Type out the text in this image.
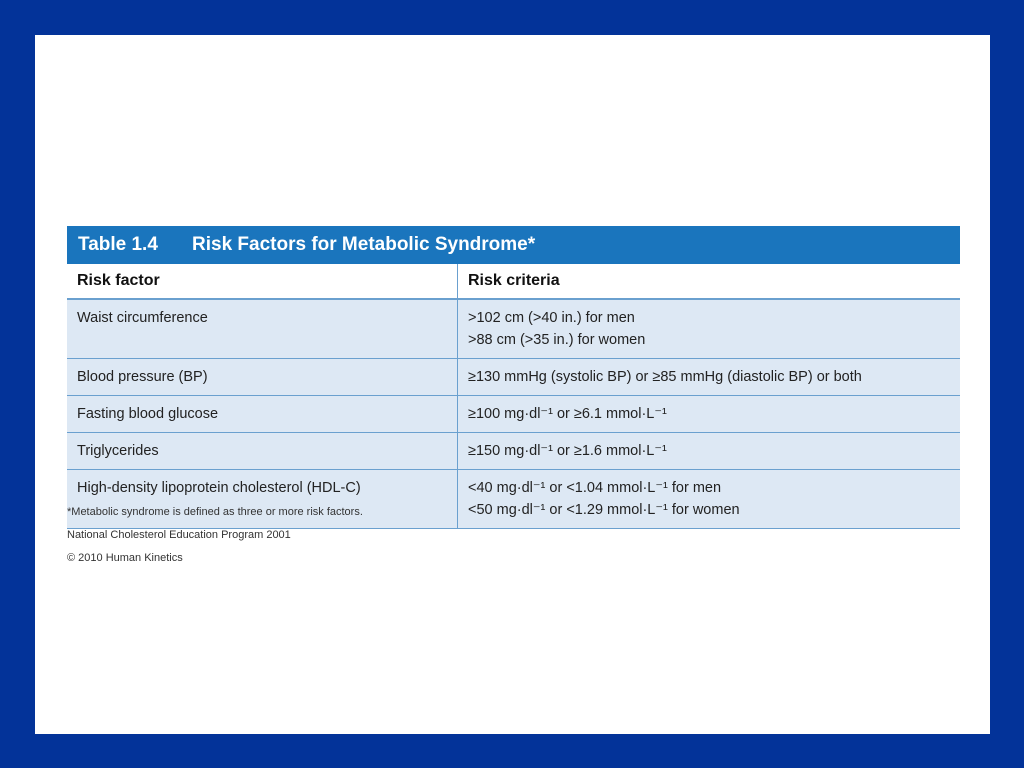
Table 1.4	Risk Factors for Metabolic Syndrome*
Risk factor	Risk criteria
Waist circumference	>102 cm (>40 in.) for men
>88 cm (>35 in.) for women

Blood pressure (BP)	≥130 mmHg (systolic BP) or ≥85 mmHg (diastolic BP) or both

Fasting blood glucose	≥100 mg·dl⁻¹ or ≥6.1 mmol·L⁻¹

Triglycerides	≥150 mg·dl⁻¹ or ≥1.6 mmol·L⁻¹

High-density lipoprotein cholesterol (HDL-C)	<40 mg·dl⁻¹ or <1.04 mmol·L⁻¹ for men
<50 mg·dl⁻¹ or <1.29 mmol·L⁻¹ for women
*Metabolic syndrome is defined as three or more risk factors.
National Cholesterol Education Program 2001
© 2010 Human Kinetics
